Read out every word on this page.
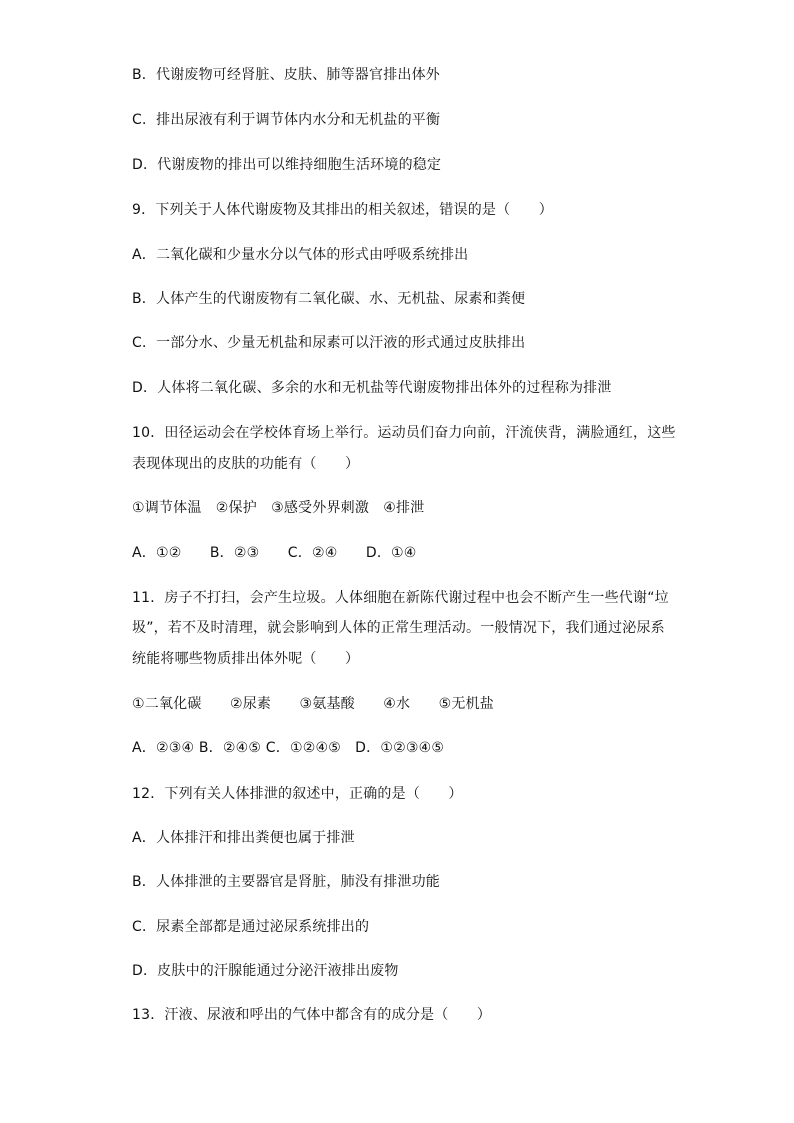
B．代谢废物可经肾脏、皮肤、肺等器官排出体外
C．排出尿液有利于调节体内水分和无机盐的平衡
D．代谢废物的排出可以维持细胞生活环境的稳定
9．下列关于人体代谢废物及其排出的相关叙述，错误的是（　　）
A．二氧化碳和少量水分以气体的形式由呼吸系统排出
B．人体产生的代谢废物有二氧化碳、水、无机盐、尿素和粪便
C．一部分水、少量无机盐和尿素可以汗液的形式通过皮肤排出
D．人体将二氧化碳、多余的水和无机盐等代谢废物排出体外的过程称为排泄
10．田径运动会在学校体育场上举行。运动员们奋力向前，汗流侠背，满脸通红，这些
表现体现出的皮肤的功能有（　　）
①调节体温　②保护　③感受外界刺激　④排泄
A．①②　　B．②③　　C．②④　　D．①④
11．房子不打扫，会产生垃圾。人体细胞在新陈代谢过程中也会不断产生一些代谢“垃
圾”，若不及时清理，就会影响到人体的正常生理活动。一般情况下，我们通过泌尿系
统能将哪些物质排出体外呢（　　）
①二氧化碳　　②尿素　　③氨基酸　　④水　　⑤无机盐
A．②③④ B．②④⑤ C．①②④⑤　D．①②③④⑤
12．下列有关人体排泄的叙述中，正确的是（　　）
A．人体排汗和排出粪便也属于排泄
B．人体排泄的主要器官是肾脏，肺没有排泄功能
C．尿素全部都是通过泌尿系统排出的
D．皮肤中的汗腺能通过分泌汗液排出废物
13．汗液、尿液和呼出的气体中都含有的成分是（　　）
